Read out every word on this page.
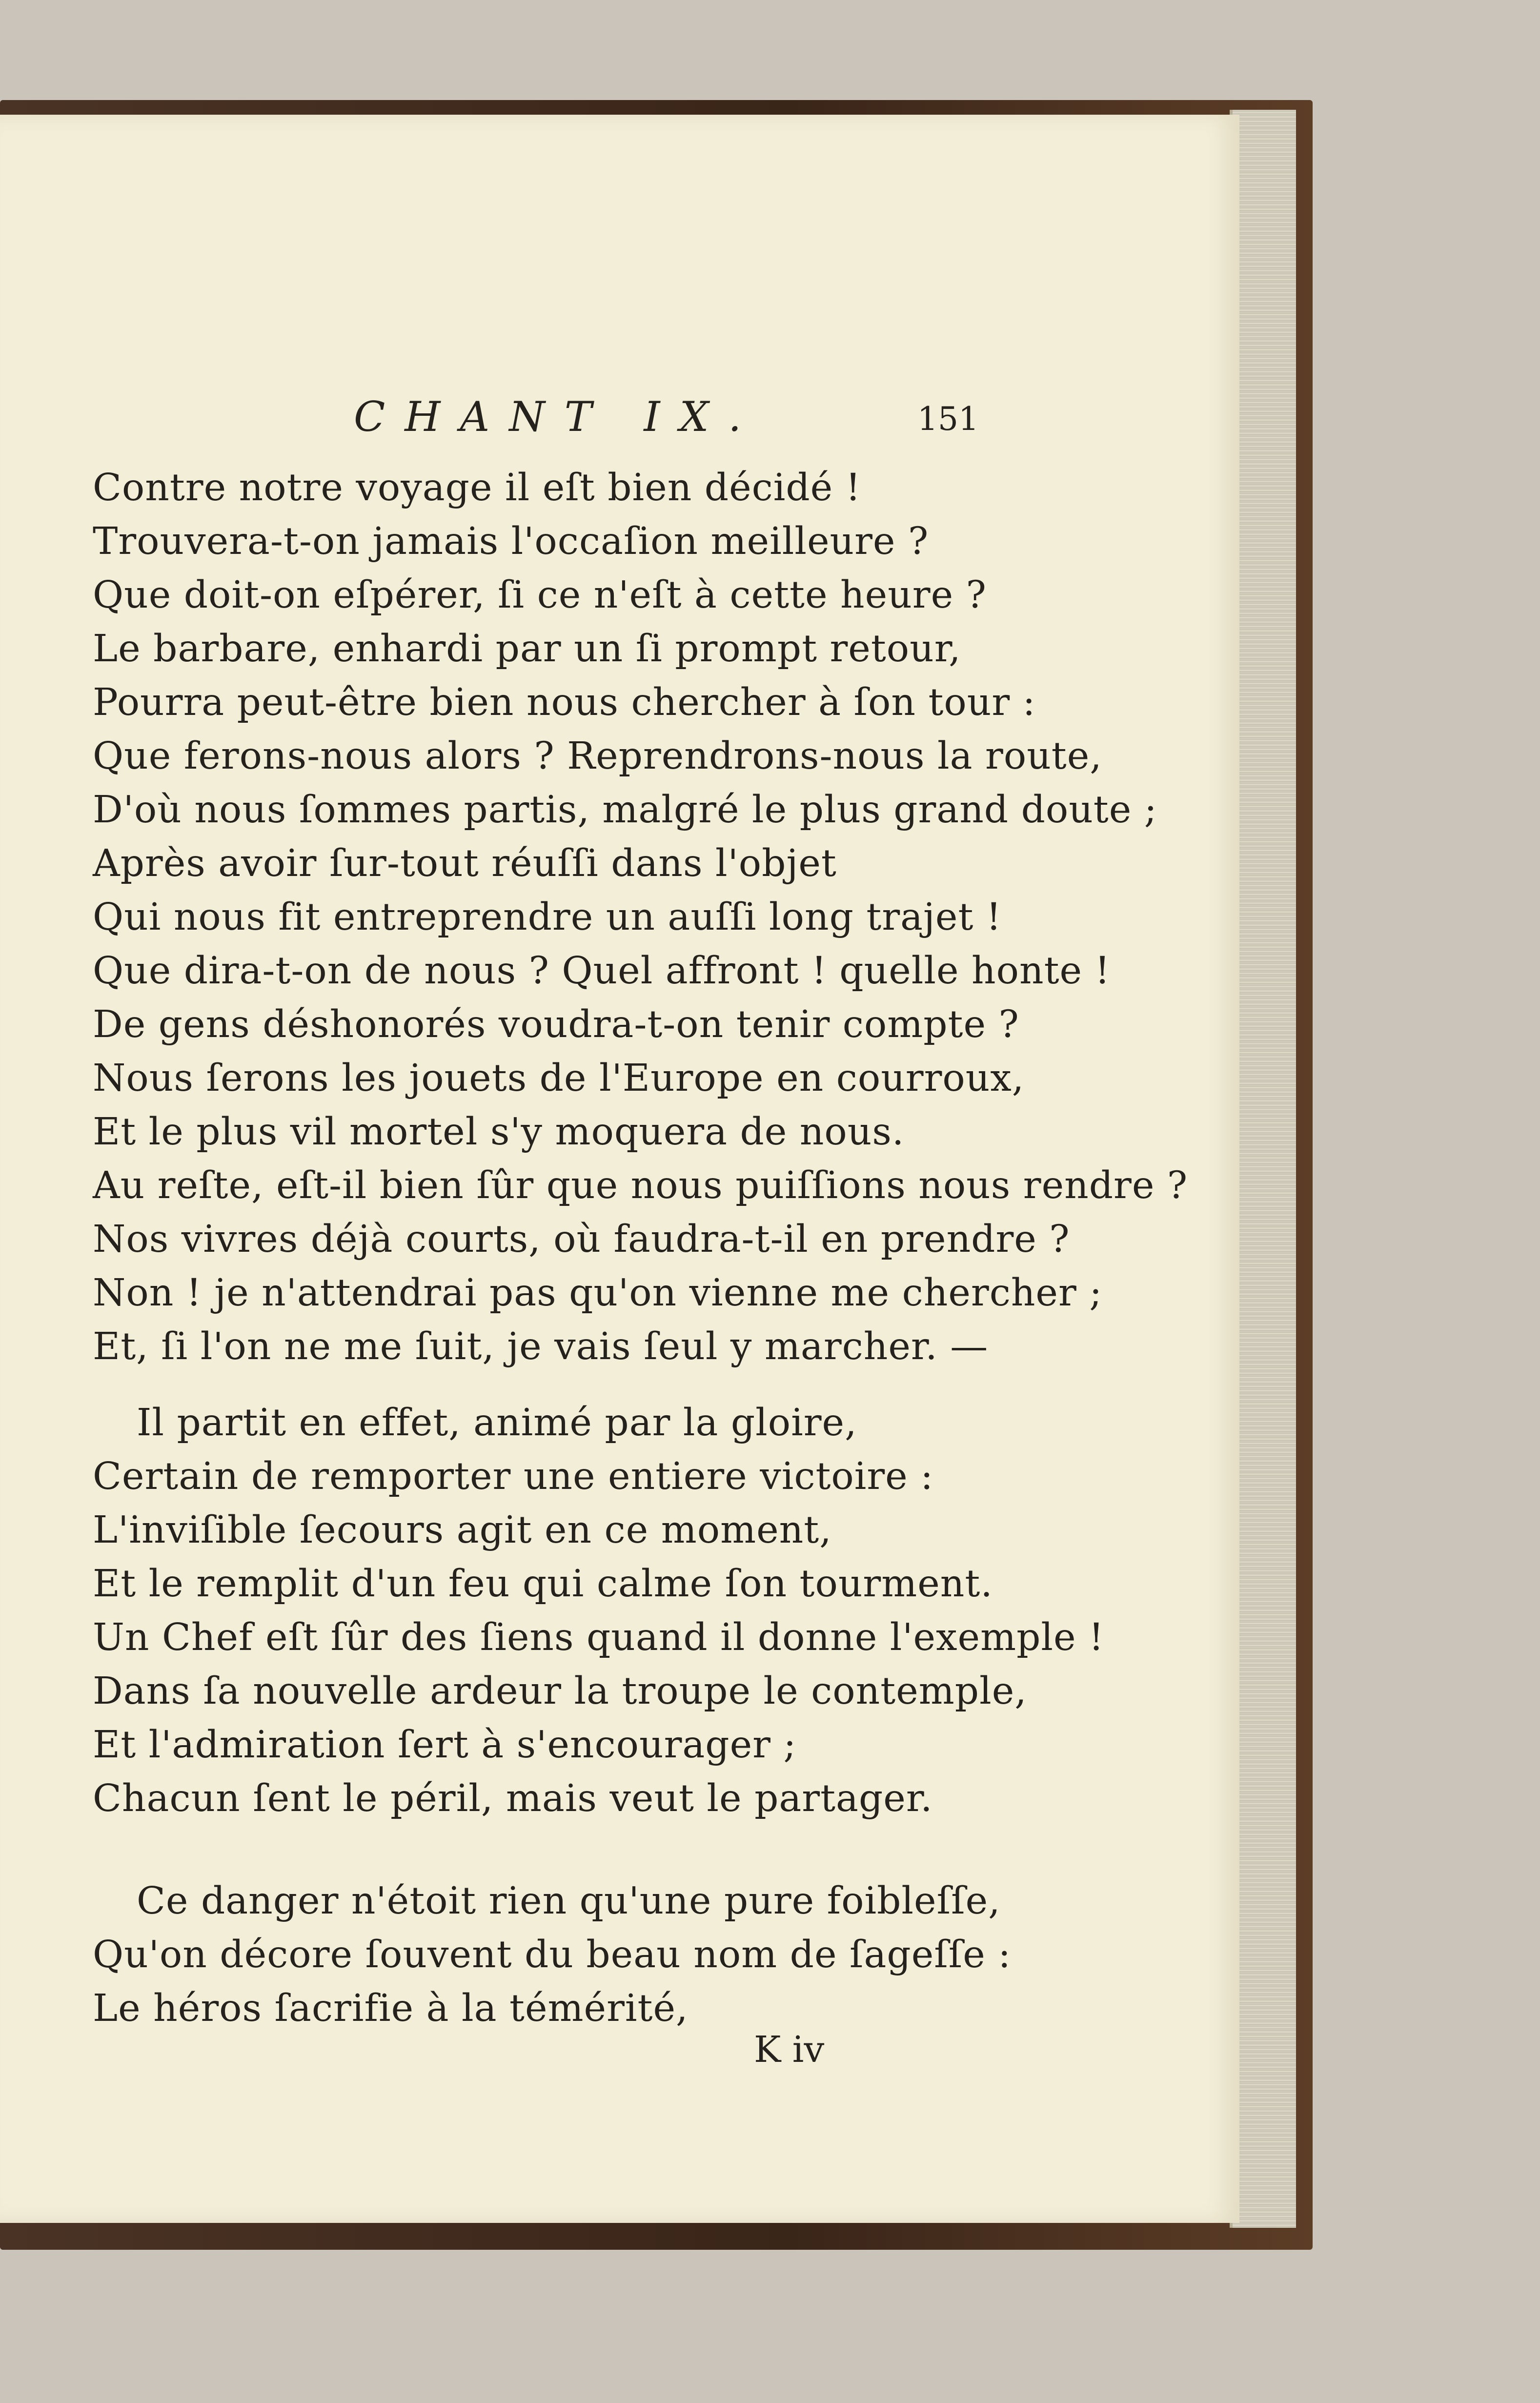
CHANT IX.	151
Contre notre voyage il eſt bien décidé !
Trouvera-t-on jamais l'occaſion meilleure ?
Que doit-on eſpérer, ſi ce n'eſt à cette heure ?
Le barbare, enhardi par un ſi prompt retour,
Pourra peut-être bien nous chercher à ſon tour :
Que ferons-nous alors ? Reprendrons-nous la route,
D'où nous ſommes partis, malgré le plus grand doute ;
Après avoir ſur-tout réuſſi dans l'objet
Qui nous fit entreprendre un auſſi long trajet !
Que dira-t-on de nous ? Quel affront ! quelle honte !
De gens déshonorés voudra-t-on tenir compte ?
Nous ſerons les jouets de l'Europe en courroux,
Et le plus vil mortel s'y moquera de nous.
Au reſte, eſt-il bien ſûr que nous puiſſions nous rendre ?
Nos vivres déjà courts, où faudra-t-il en prendre ?
Non ! je n'attendrai pas qu'on vienne me chercher ;
Et, ſi l'on ne me ſuit, je vais ſeul y marcher. —
Il partit en effet, animé par la gloire,
Certain de remporter une entiere victoire :
L'inviſible ſecours agit en ce moment,
Et le remplit d'un feu qui calme ſon tourment.
Un Chef eſt ſûr des ſiens quand il donne l'exemple !
Dans ſa nouvelle ardeur la troupe le contemple,
Et l'admiration ſert à s'encourager ;
Chacun ſent le péril, mais veut le partager.
Ce danger n'étoit rien qu'une pure foibleſſe,
Qu'on décore ſouvent du beau nom de ſageſſe :
Le héros ſacrifie à la témérité,
K iv
